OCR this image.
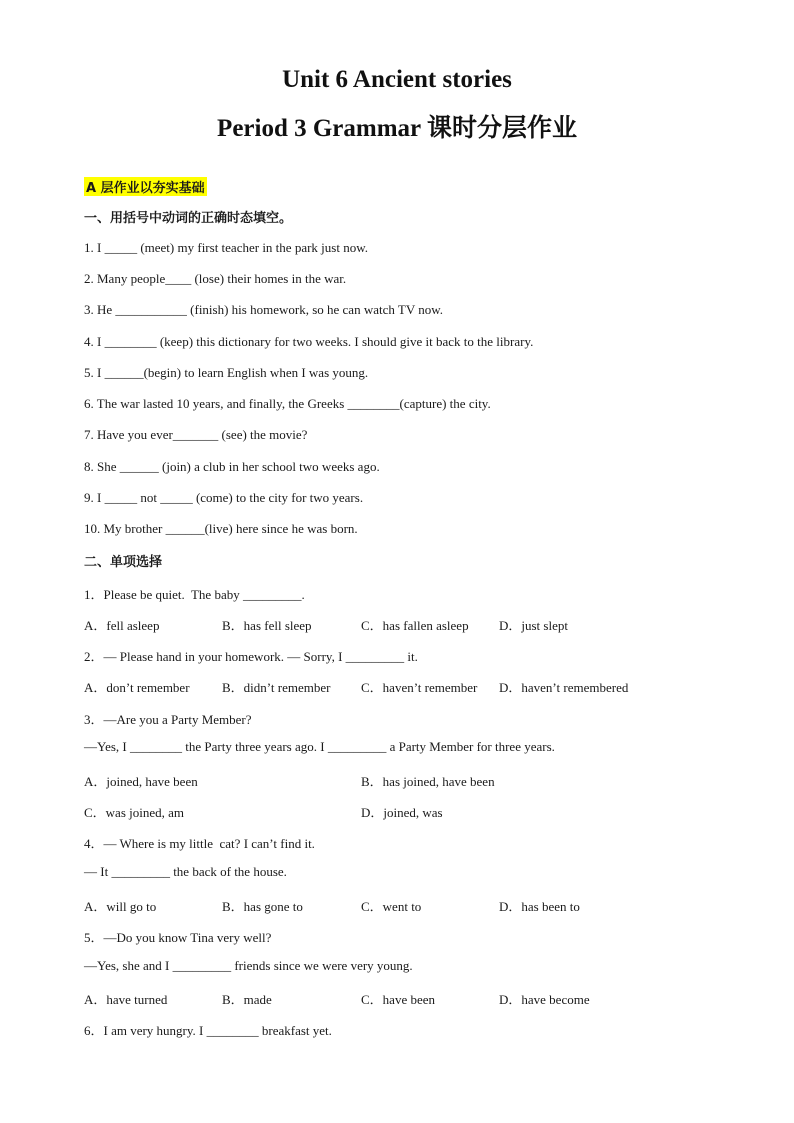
Unit 6 Ancient stories
Period 3 Grammar 课时分层作业
A 层作业以夯实基础
一、用括号中动词的正确时态填空。
1. I _____ (meet) my first teacher in the park just now.
2. Many people____ (lose) their homes in the war.
3. He ___________ (finish) his homework, so he can watch TV now.
4. I ________ (keep) this dictionary for two weeks. I should give it back to the library.
5. I ______(begin) to learn English when I was young.
6. The war lasted 10 years, and finally, the Greeks ________(capture) the city.
7. Have you ever_______ (see) the movie?
8. She ______ (join) a club in her school two weeks ago.
9. I _____ not _____ (come) to the city for two years.
10. My brother ______(live) here since he was born.
二、单项选择
1．Please be quiet.  The baby _________.
A．fell asleep	B．has fell sleep	C．has fallen asleep D．just slept
2．— Please hand in your homework. — Sorry, I _________ it.
A．don’t remember B．didn’t remember C．haven’t remember D．haven’t remembered
3．—Are you a Party Member?
—Yes, I ________ the Party three years ago. I _________ a Party Member for three years.
A．joined, have been	B．has joined, have been
C．was joined, am	D．joined, was
4．— Where is my little  cat? I can’t find it.
— It _________ the back of the house.
A．will go to	B．has gone to	C．went to	D．has been to
5．—Do you know Tina very well?
—Yes, she and I _________ friends since we were very young.
A．have turned	B．made	C．have been	D．have become
6．I am very hungry. I ________ breakfast yet.
